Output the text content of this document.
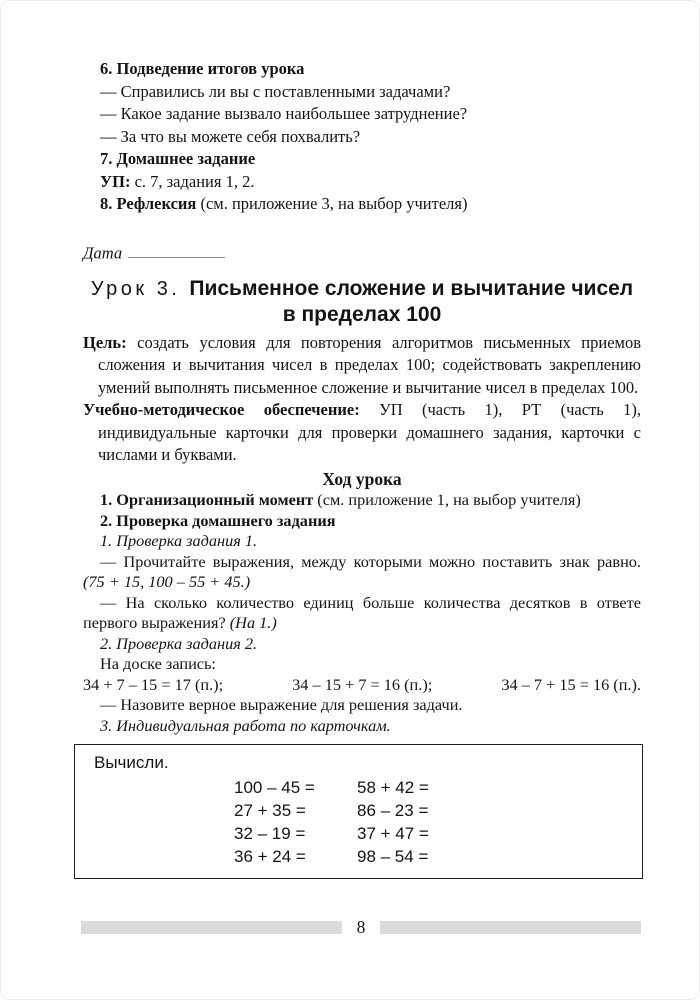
6. Подведение итогов урока

— Справились ли вы с поставленными задачами?

— Какое задание вызвало наибольшее затруднение?

— За что вы можете себя похвалить?

7. Домашнее задание

УП: с. 7, задания 1, 2.

8. Рефлексия (см. приложение 3, на выбор учителя)

Дата

Урок 3. Письменное сложение и вычитание чисел
в пределах 100

Цель: создать условия для повторения алгоритмов письменных приемов сложения и вычитания чисел в пределах 100; содействовать закреплению умений выполнять письменное сложение и вычитание чисел в пределах 100.

Учебно-методическое обеспечение: УП (часть 1), РТ (часть 1), индивидуальные карточки для проверки домашнего задания, карточки с числами и буквами.

Ход урока

1. Организационный момент (см. приложение 1, на выбор учителя)

2. Проверка домашнего задания

1. Проверка задания 1.

— Прочитайте выражения, между которыми можно поставить знак равно. (75 + 15, 100 – 55 + 45.)

— На сколько количество единиц больше количества десятков в ответе первого выражения? (На 1.)

2. Проверка задания 2.

На доске запись:

34 + 7 – 15 = 17 (п.);	34 – 15 + 7 = 16 (п.);	34 – 7 + 15 = 16 (п.).

— Назовите верное выражение для решения задачи.

3. Индивидуальная работа по карточкам.

Вычисли.
100 – 45 =
27 + 35 =
32 – 19 =
36 + 24 =
58 + 42 =
86 – 23 =
37 + 47 =
98 – 54 =
8
